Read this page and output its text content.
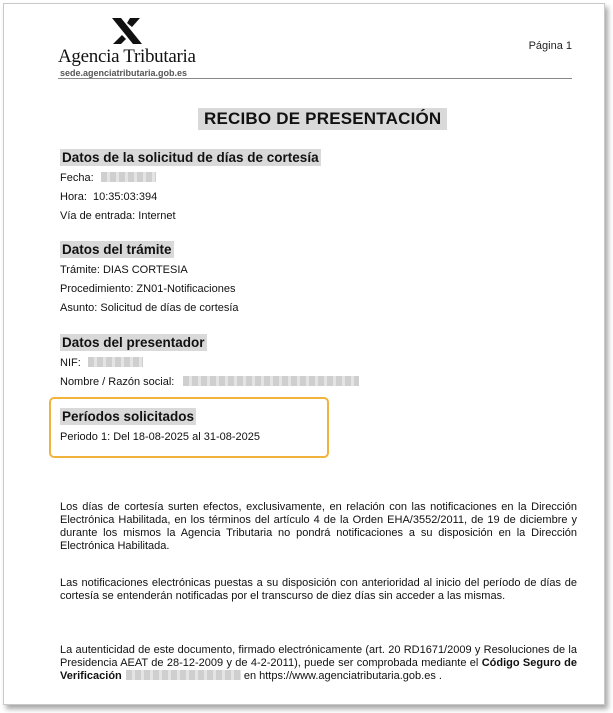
Agencia Tributaria
sede.agenciatributaria.gob.es
Página 1
RECIBO DE PRESENTACIÓN
Datos de la solicitud de días de cortesía
Fecha:
Hora: 10:35:03:394
Vía de entrada: Internet
Datos del trámite
Trámite: DIAS CORTESIA
Procedimiento: ZN01-Notificaciones
Asunto: Solicitud de días de cortesía
Datos del presentador
NIF:
Nombre / Razón social:
Períodos solicitados
Periodo 1: Del 18-08-2025 al 31-08-2025
Los días de cortesía surten efectos, exclusivamente, en relación con las notificaciones en la Dirección Electrónica Habilitada, en los términos del artículo 4 de la Orden EHA/3552/2011, de 19 de diciembre y durante los mismos la Agencia Tributaria no pondrá notificaciones a su disposición en la Dirección Electrónica Habilitada.
Las notificaciones electrónicas puestas a su disposición con anterioridad al inicio del período de días de cortesía se entenderán notificadas por el transcurso de diez días sin acceder a las mismas.
La autenticidad de este documento, firmado electrónicamente (art. 20 RD1671/2009 y Resoluciones de la Presidencia AEAT de 28-12-2009 y de 4-2-2011), puede ser comprobada mediante el Código Seguro de Verificación	en https://www.agenciatributaria.gob.es .
